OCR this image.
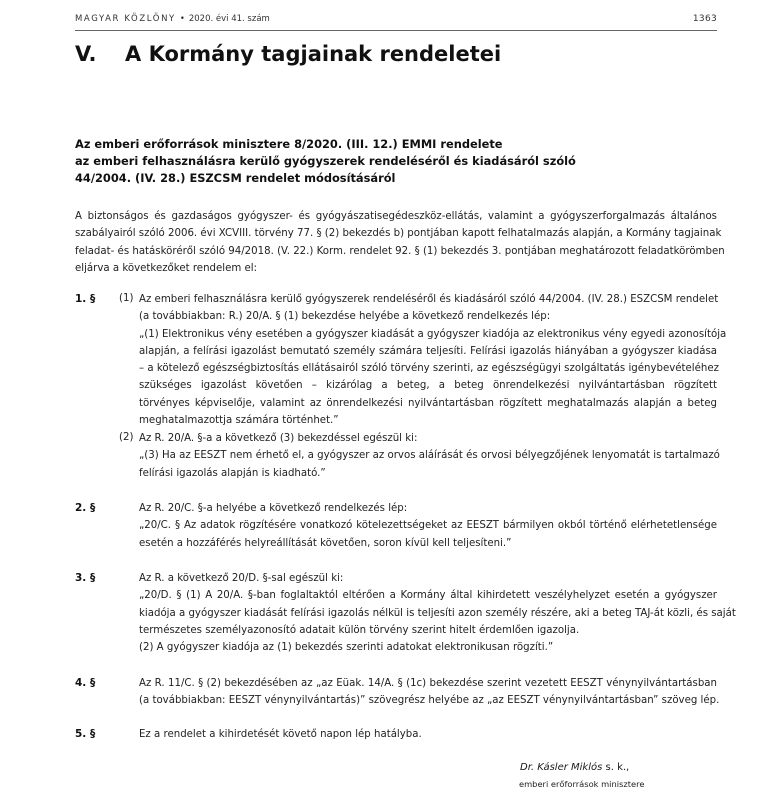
MAGYAR KÖZLÖNY • 2020. évi 41. szám	1363
V. A Kormány tagjainak rendeletei
Az emberi erőforrások minisztere 8/2020. (III. 12.) EMMI rendelete
az emberi felhasználásra kerülő gyógyszerek rendeléséről és kiadásáról szóló
44/2004. (IV. 28.) ESZCSM rendelet módosításáról
A biztonságos és gazdaságos gyógyszer- és gyógyászatisegédeszköz-ellátás, valamint a gyógyszerforgalmazás általános
szabályairól szóló 2006. évi XCVIII. törvény 77. § (2) bekezdés b) pontjában kapott felhatalmazás alapján, a Kormány tagjainak
feladat- és hatásköréről szóló 94/2018. (V. 22.) Korm. rendelet 92. § (1) bekezdés 3. pontjában meghatározott feladatkörömben
eljárva a következőket rendelem el:
1. § (1) Az emberi felhasználásra kerülő gyógyszerek rendeléséről és kiadásáról szóló 44/2004. (IV. 28.) ESZCSM rendelet
(a továbbiakban: R.) 20/A. § (1) bekezdése helyébe a következő rendelkezés lép:
„(1) Elektronikus vény esetében a gyógyszer kiadását a gyógyszer kiadója az elektronikus vény egyedi azonosítója
alapján, a felírási igazolást bemutató személy számára teljesíti. Felírási igazolás hiányában a gyógyszer kiadása
– a kötelező egészségbiztosítás ellátásairól szóló törvény szerinti, az egészségügyi szolgáltatás igénybevételéhez
szükséges igazolást követően – kizárólag a beteg, a beteg önrendelkezési nyilvántartásban rögzített
törvényes képviselője, valamint az önrendelkezési nyilvántartásban rögzített meghatalmazás alapján a beteg
meghatalmazottja számára történhet.”
(2) Az R. 20/A. §-a a következő (3) bekezdéssel egészül ki:
„(3) Ha az EESZT nem érhető el, a gyógyszer az orvos aláírását és orvosi bélyegzőjének lenyomatát is tartalmazó
felírási igazolás alapján is kiadható.”
2. §	Az R. 20/C. §-a helyébe a következő rendelkezés lép:
„20/C. § Az adatok rögzítésére vonatkozó kötelezettségeket az EESZT bármilyen okból történő elérhetetlensége
esetén a hozzáférés helyreállítását követően, soron kívül kell teljesíteni.”
3. §	Az R. a következő 20/D. §-sal egészül ki:
„20/D. § (1) A 20/A. §-ban foglaltaktól eltérően a Kormány által kihirdetett veszélyhelyzet esetén a gyógyszer
kiadója a gyógyszer kiadását felírási igazolás nélkül is teljesíti azon személy részére, aki a beteg TAJ-át közli, és saját
természetes személyazonosító adatait külön törvény szerint hitelt érdemlően igazolja.
(2) A gyógyszer kiadója az (1) bekezdés szerinti adatokat elektronikusan rögzíti.”
4. §	Az R. 11/C. § (2) bekezdésében az „az Eüak. 14/A. § (1c) bekezdése szerint vezetett EESZT vénynyilvántartásban
(a továbbiakban: EESZT vénynyilvántartás)” szövegrész helyébe az „az EESZT vénynyilvántartásban” szöveg lép.
5. §	Ez a rendelet a kihirdetését követő napon lép hatályba.
Dr. Kásler Miklós s. k.,
emberi erőforrások minisztere
